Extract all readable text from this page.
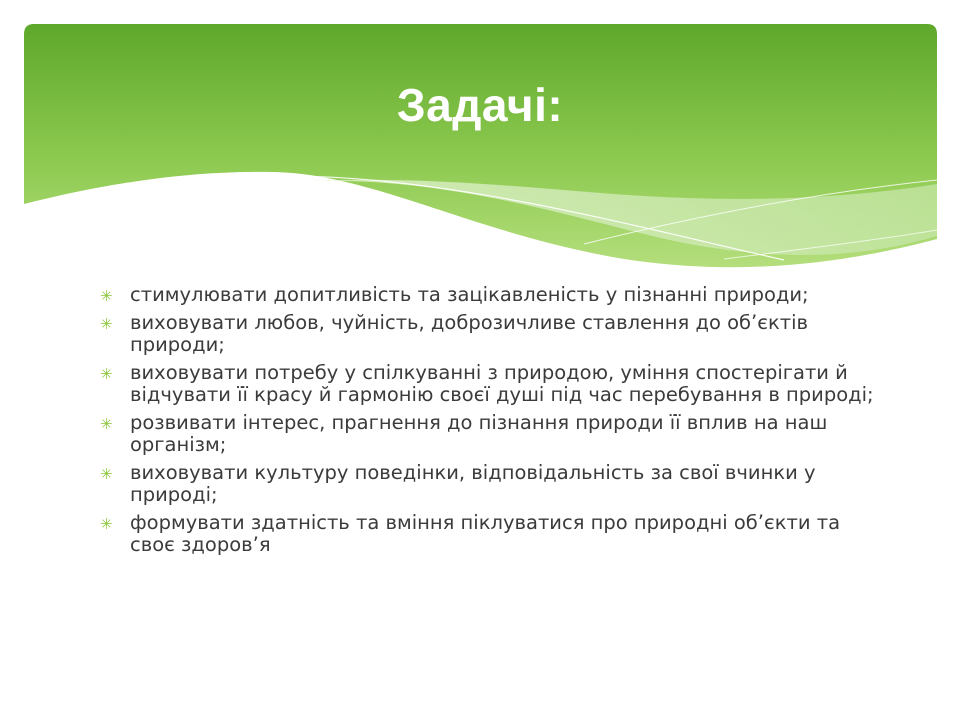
Задачі:
✳ стимулювати допитливість та зацікавленість у пізнанні природи;
✳ виховувати любов, чуйність, доброзичливе ставлення до об’єктів природи;
✳ виховувати потребу у спілкуванні з природою, уміння спостерігати й відчувати її красу й гармонію своєї душі під час перебування в природі;
✳ розвивати інтерес, прагнення до пізнання природи її вплив на наш організм;
✳ виховувати культуру поведінки, відповідальність за свої вчинки у природі;
✳ формувати здатність та вміння піклуватися про природні об’єкти та своє здоров’я
